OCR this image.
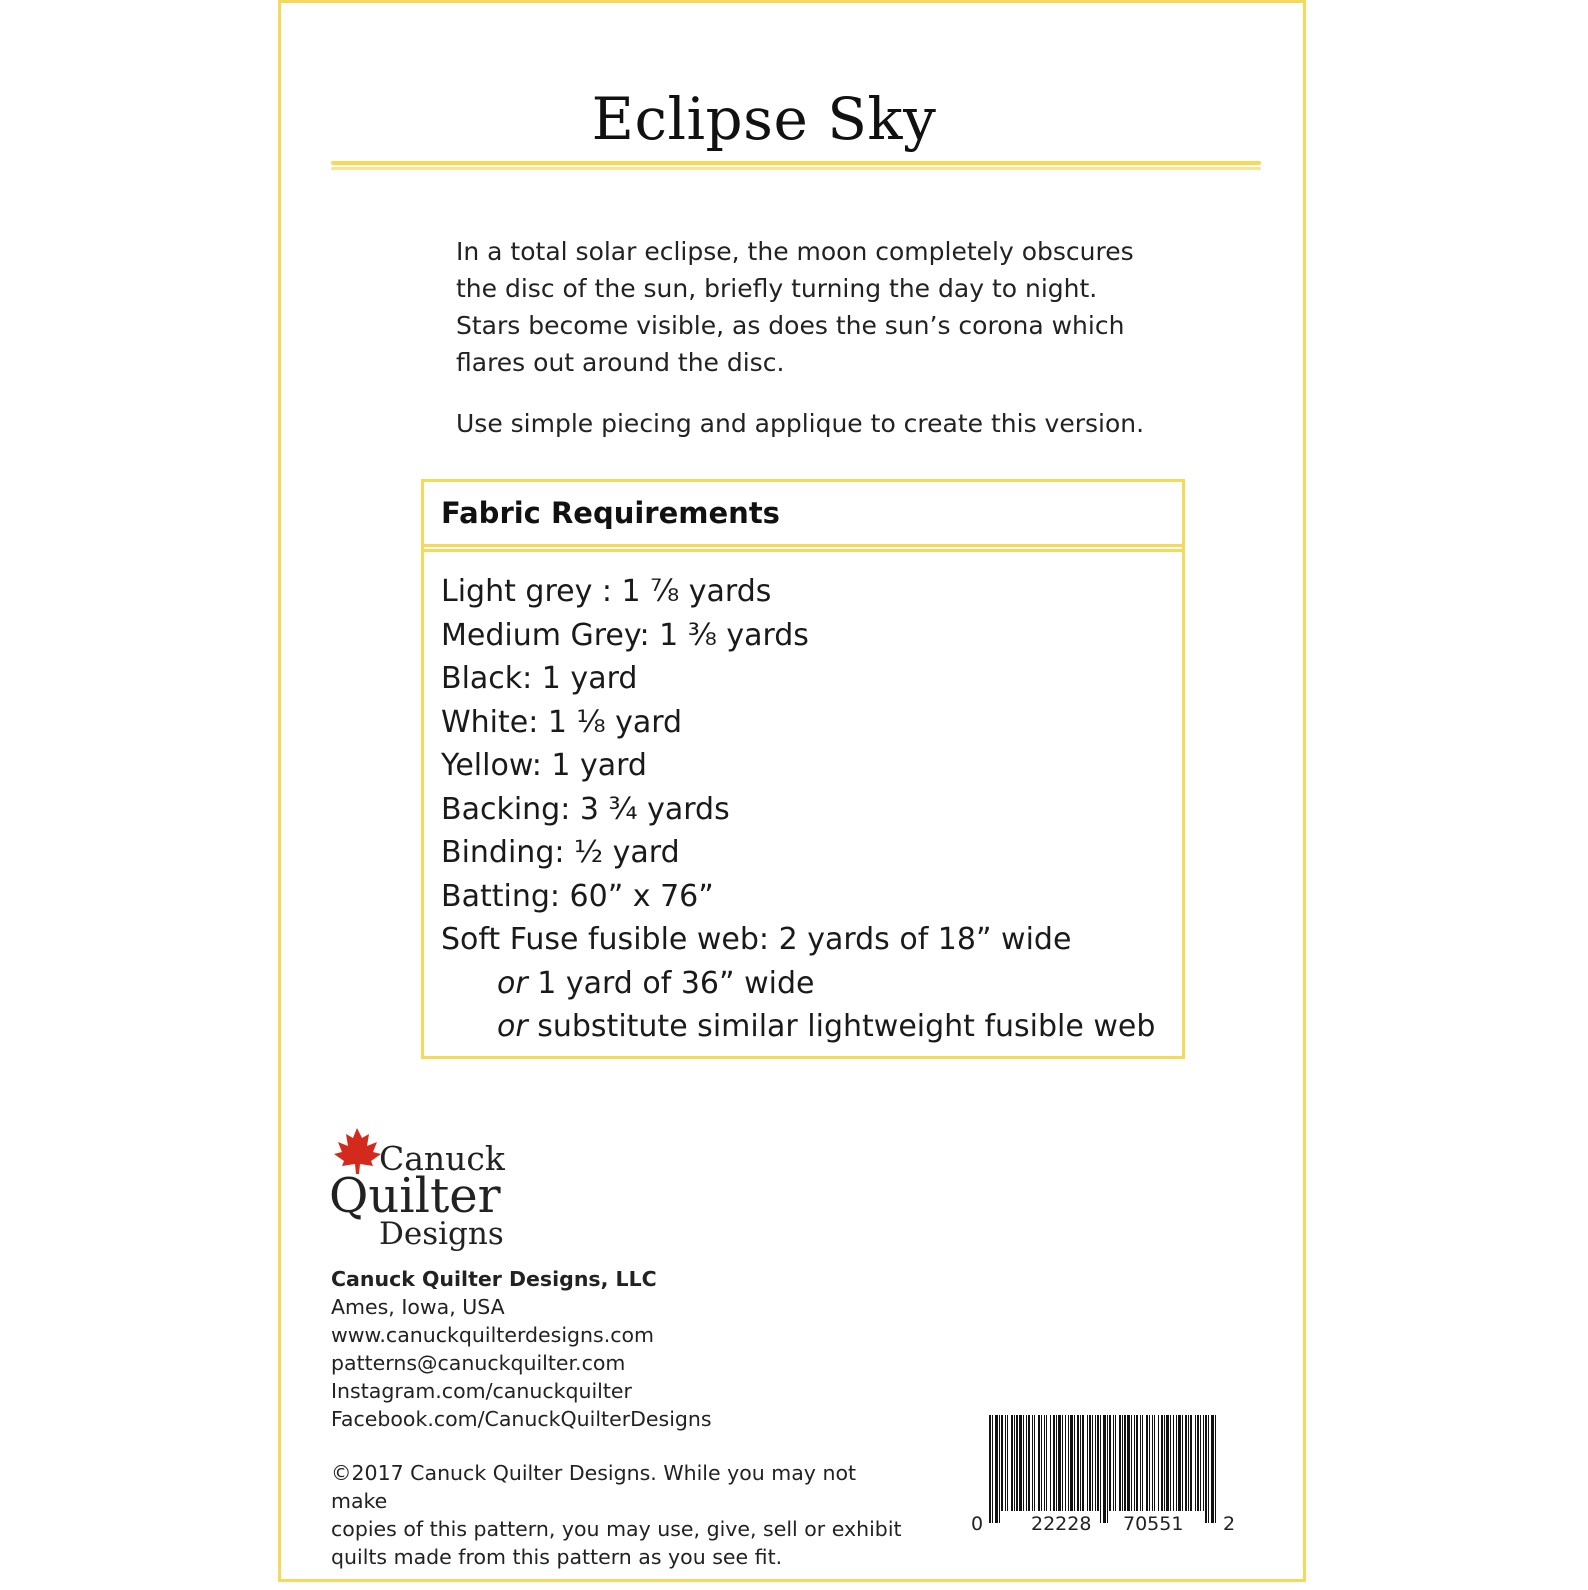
Eclipse Sky

In a total solar eclipse, the moon completely obscures
the disc of the sun, briefly turning the day to night.
Stars become visible, as does the sun’s corona which
flares out around the disc.

Use simple piecing and applique to create this version.

Fabric Requirements
Light grey : 1 ⅞ yards
Medium Grey: 1 ⅜ yards
Black: 1 yard
White: 1 ⅛ yard
Yellow: 1 yard
Backing: 3 ¾ yards
Binding: ½ yard
Batting: 60” x 76”
Soft Fuse fusible web: 2 yards of 18” wide
or 1 yard of 36” wide
or substitute similar lightweight fusible web
Canuck
Quilter
Designs
Canuck Quilter Designs, LLC
Ames, Iowa, USA
www.canuckquilterdesigns.com
patterns@canuckquilter.com
Instagram.com/canuckquilter
Facebook.com/CanuckQuilterDesigns
©2017 Canuck Quilter Designs. While you may not make
copies of this pattern, you may use, give, sell or exhibit
quilts made from this pattern as you see fit.
0	22228 70551 2
